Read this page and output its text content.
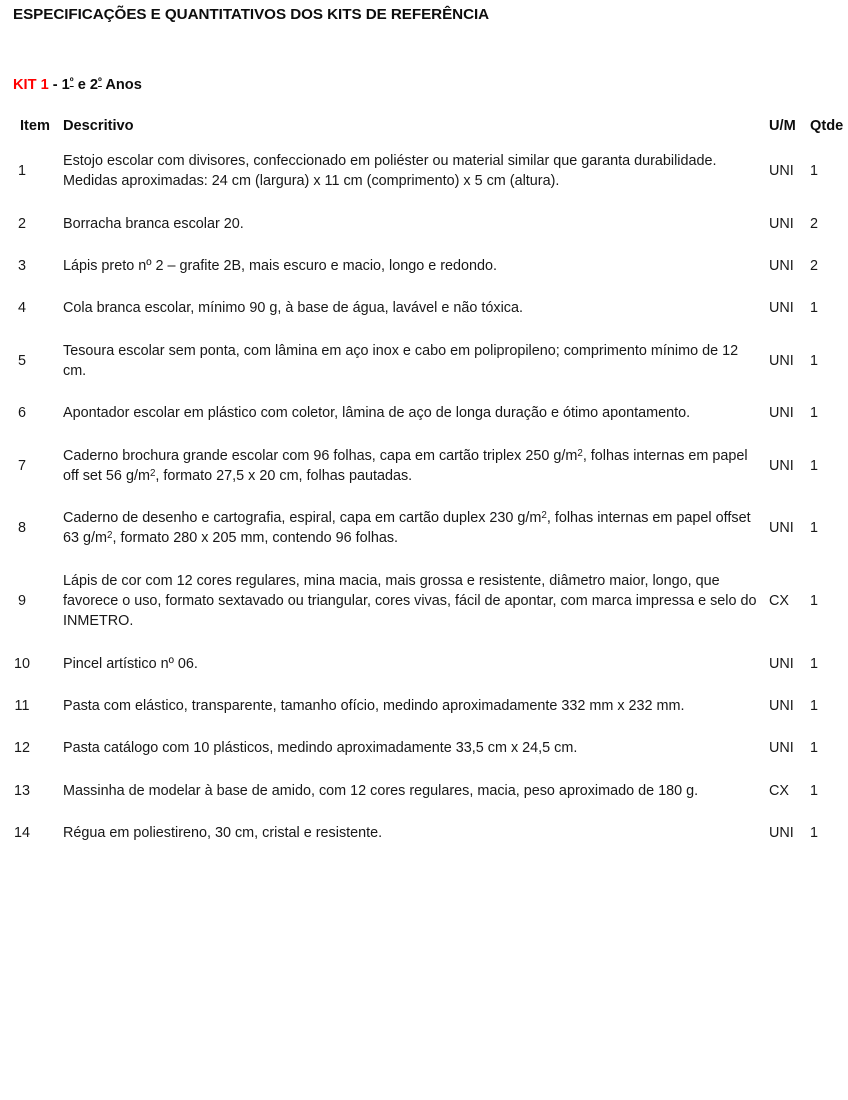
ESPECIFICAÇÕES E QUANTITATIVOS DOS KITS DE REFERÊNCIA
KIT $1 - 1^º$ e $2^º$ Anos
Item	Descritivo	U/M	Qtde
1	Estojo escolar com divisores, confeccionado em poliéster ou material similar que garanta durabilidade. Medidas aproximadas: 24 cm (largura) x 11 cm (comprimento) x 5 cm (altura).	UNI	1
2	Borracha branca escolar 20.	UNI	2
3	Lápis preto nº 2 – grafite 2B, mais escuro e macio, longo e redondo.	UNI	2
4	Cola branca escolar, mínimo 90 g, à base de água, lavável e não tóxica.	UNI	1
5	Tesoura escolar sem ponta, com lâmina em aço inox e cabo em polipropileno; comprimento mínimo de 12 cm.	UNI	1
6	Apontador escolar em plástico com coletor, lâmina de aço de longa duração e ótimo apontamento.	UNI	1
7	Caderno brochura grande escolar com 96 folhas, capa em cartão triplex 250 $g/m^2$, folhas internas em papel off set 56 $g/m^2$, formato 27,5 x 20 cm, folhas pautadas.	UNI	1
8	Caderno de desenho e cartografia, espiral, capa em cartão duplex 230 $g/m^2$, folhas internas em papel offset 63 $g/m^2$, formato 280 x 205 mm, contendo 96 folhas.	UNI	1
9	Lápis de cor com 12 cores regulares, mina macia, mais grossa e resistente, diâmetro maior, longo, que favorece o uso, formato sextavado ou triangular, cores vivas, fácil de apontar, com marca impressa e selo do INMETRO.	CX	1
10	Pincel artístico nº 06.	UNI	1
11	Pasta com elástico, transparente, tamanho ofício, medindo aproximadamente 332 mm x 232 mm.	UNI	1
12	Pasta catálogo com 10 plásticos, medindo aproximadamente 33,5 cm x 24,5 cm.	UNI	1
13	Massinha de modelar à base de amido, com 12 cores regulares, macia, peso aproximado de 180 g.	CX	1
14	Régua em poliestireno, 30 cm, cristal e resistente.	UNI	1
